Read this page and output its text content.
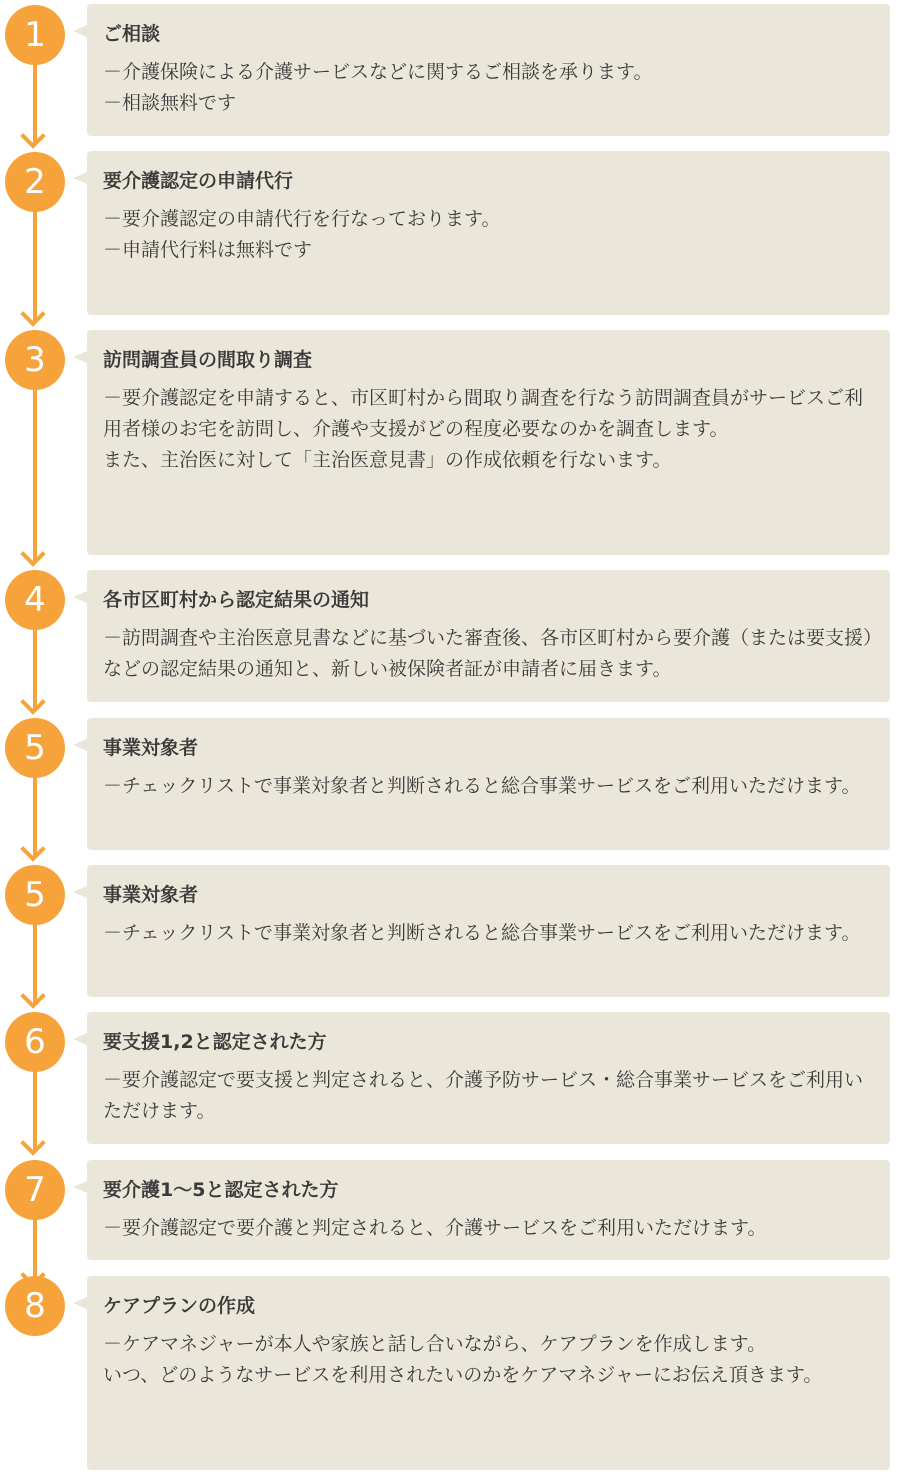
1	ご相談
－介護保険による介護サービスなどに関するご相談を承ります。
－相談無料です
2	要介護認定の申請代行
－要介護認定の申請代行を行なっております。
－申請代行料は無料です
3	訪問調査員の間取り調査
－要介護認定を申請すると、市区町村から間取り調査を行なう訪問調査員がサービスご利用者様のお宅を訪問し、介護や支援がどの程度必要なのかを調査します。
また、主治医に対して「主治医意見書」の作成依頼を行ないます。
4	各市区町村から認定結果の通知
－訪問調査や主治医意見書などに基づいた審査後、各市区町村から要介護（または要支援）などの認定結果の通知と、新しい被保険者証が申請者に届きます。
5	事業対象者
－チェックリストで事業対象者と判断されると総合事業サービスをご利用いただけます。
5	事業対象者
－チェックリストで事業対象者と判断されると総合事業サービスをご利用いただけます。
6	要支援1,2と認定された方
－要介護認定で要支援と判定されると、介護予防サービス・総合事業サービスをご利用いただけます。
7	要介護1～5と認定された方
－要介護認定で要介護と判定されると、介護サービスをご利用いただけます。
8	ケアプランの作成
－ケアマネジャーが本人や家族と話し合いながら、ケアプランを作成します。
いつ、どのようなサービスを利用されたいのかをケアマネジャーにお伝え頂きます。
